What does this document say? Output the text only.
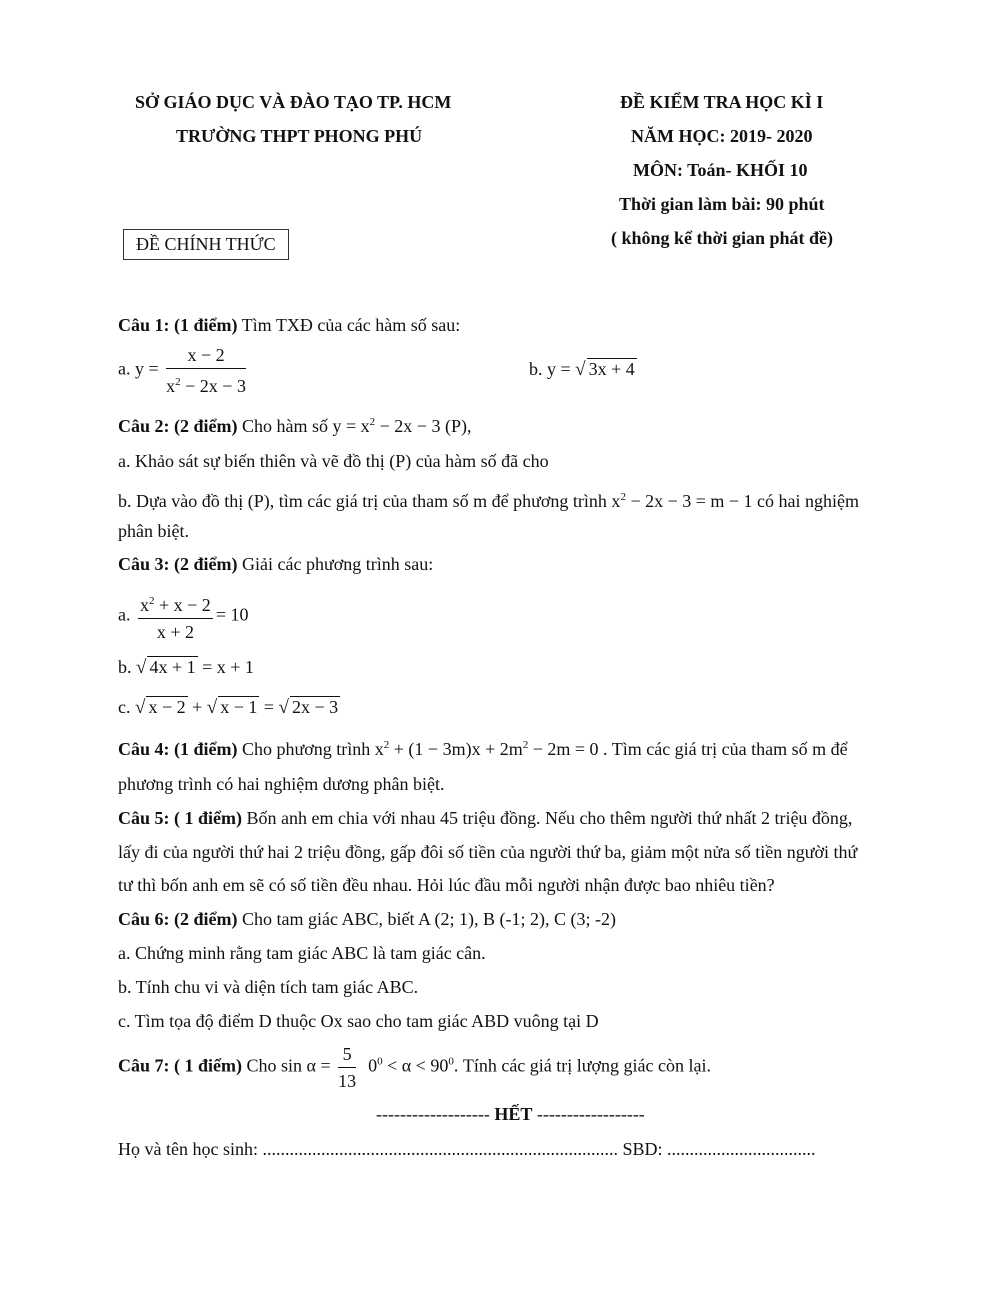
SỞ GIÁO DỤC VÀ ĐÀO TẠO TP. HCM
TRƯỜNG THPT PHONG PHÚ
ĐỀ KIỂM TRA HỌC KÌ I
NĂM HỌC: 2019- 2020
MÔN: Toán- KHỐI 10
Thời gian làm bài: 90 phút
( không kể thời gian phát đề)
ĐỀ CHÍNH THỨC
Câu 1: (1 điểm) Tìm TXĐ của các hàm số sau:
a. $y = \frac{x - 2}{x^2 - 2x - 3}$	b. y = √ 3x + 4
Câu 2: (2 điểm) Cho hàm số $y = x^2 - 2x - 3$ (P),
a. Khảo sát sự biến thiên và vẽ đồ thị (P) của hàm số đã cho
b. Dựa vào đồ thị (P), tìm các giá trị của tham số m để phương trình $x^2 - 2x - 3 = m - 1$ có hai nghiệm
phân biệt.
Câu 3: (2 điểm) Giải các phương trình sau:
a. $\frac{x^2 + x - 2}{x + 2} = 10$
b. √ 4x + 1 = x + 1
c. √ x − 2 + √ x − 1 = √ 2x − 3
Câu 4: (1 điểm) Cho phương trình $x^2 + (1 - 3m)x + 2m^2 - 2m = 0$ . Tìm các giá trị của tham số m để
phương trình có hai nghiệm dương phân biệt.
Câu 5: ( 1 điểm) Bốn anh em chia với nhau 45 triệu đồng. Nếu cho thêm người thứ nhất 2 triệu đồng,
lấy đi của người thứ hai 2 triệu đồng, gấp đôi số tiền của người thứ ba, giảm một nửa số tiền người thứ
tư thì bốn anh em sẽ có số tiền đều nhau. Hỏi lúc đầu mỗi người nhận được bao nhiêu tiền?
Câu 6: (2 điểm) Cho tam giác ABC, biết A (2; 1), B (-1; 2), C (3; -2)
a. Chứng minh rằng tam giác ABC là tam giác cân.
b. Tính chu vi và diện tích tam giác ABC.
c. Tìm tọa độ điểm D thuộc Ox sao cho tam giác ABD vuông tại D
Câu 7: ( 1 điểm) Cho $\sin \alpha = \frac{5}{13} 0^0 < \alpha < 90^0$. Tính các giá trị lượng giác còn lại.
------------------- HẾT ------------------
Họ và tên học sinh: ............................................................................... SBD: .................................
